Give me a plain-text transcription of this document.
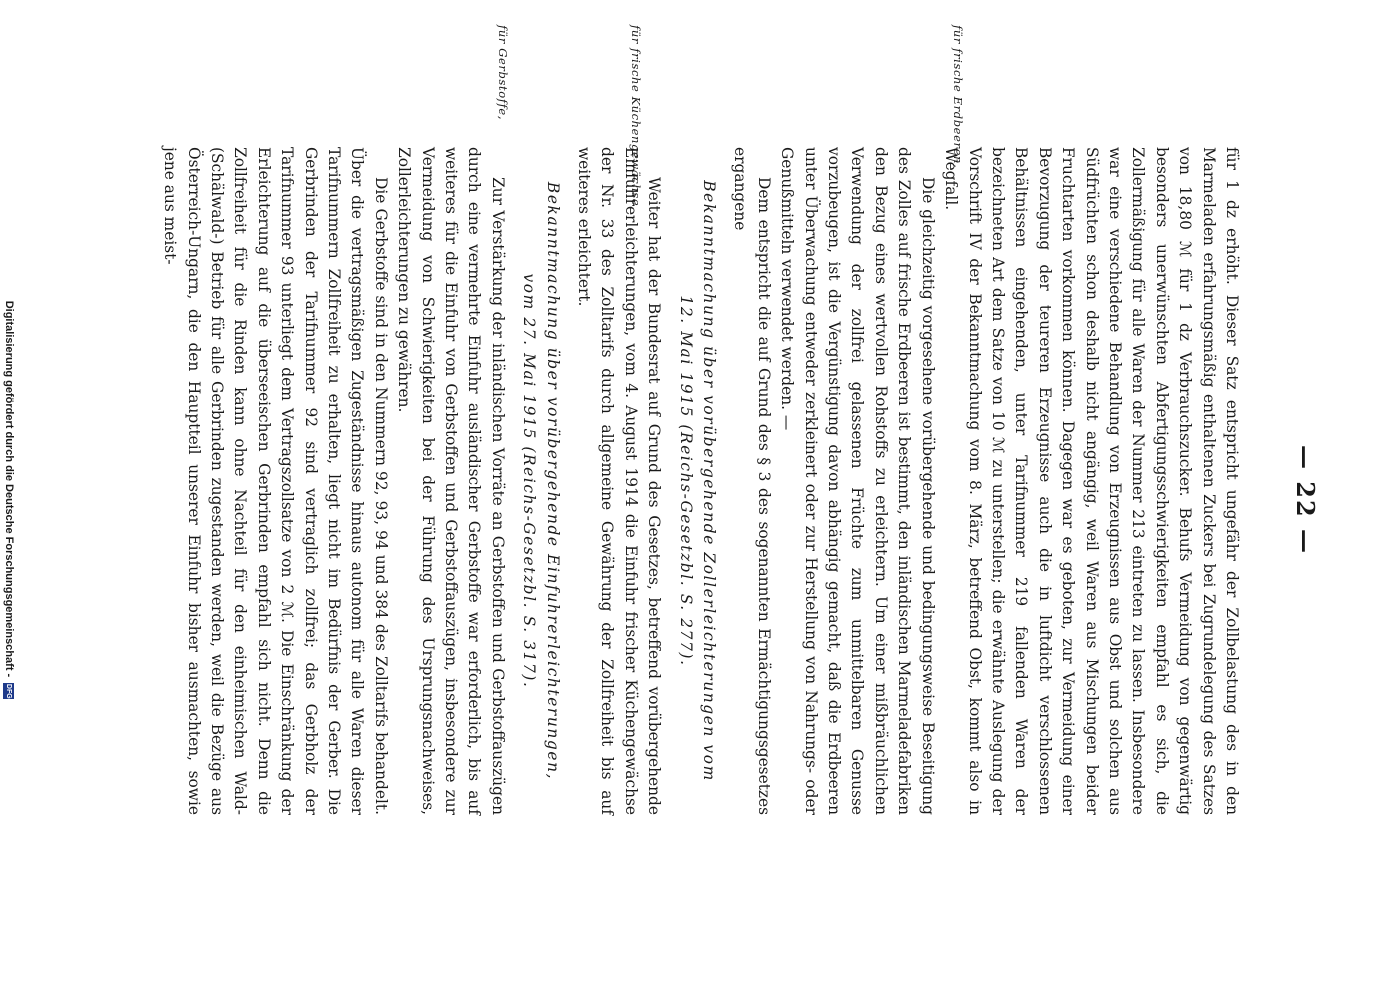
— 22 —

für 1 dz erhöht. Dieser Satz entspricht ungefähr der Zollbelastung des in den Marmeladen erfahrungsmäßig enthaltenen Zuckers bei Zugrundelegung des Satzes von 18,80 ℳ für 1 dz Verbrauchszucker. Behufs Vermeidung von gegenwärtig besonders unerwünschten Abfertigungsschwierigkeiten empfahl es sich, die Zollermäßigung für alle Waren der Nummer 213 eintreten zu lassen. Insbesondere war eine verschiedene Behandlung von Erzeugnissen aus Obst und solchen aus Südfrüchten schon deshalb nicht angängig, weil Waren aus Mischungen beider Fruchtarten vorkommen können. Dagegen war es geboten, zur Vermeidung einer Bevorzugung der teureren Erzeugnisse auch die in luftdicht verschlossenen Behältnissen eingehenden, unter Tarifnummer 219 fallenden Waren der bezeichneten Art dem Satze von 10 ℳ zu unterstellen; die erwähnte Auslegung der Vorschrift IV der Bekanntmachung vom 8. März, betreffend Obst, kommt also in Wegfall.

Die gleichzeitig vorgesehene vorübergehende und bedingungsweise Beseitigung des Zolles auf frische Erdbeeren ist bestimmt, den inländischen Marmeladefabriken den Bezug eines wertvollen Rohstoffs zu erleichtern. Um einer mißbräuchlichen Verwendung der zollfrei gelassenen Früchte zum unmittelbaren Genusse vorzubeugen, ist die Vergünstigung davon abhängig gemacht, daß die Erdbeeren unter Überwachung entweder zerkleinert oder zur Herstellung von Nahrungs- oder Genußmitteln verwendet werden. —

Dem entspricht die auf Grund des § 3 des sogenannten Ermächtigungsgesetzes ergangene

Bekanntmachung über vorübergehende Zollerleichterungen vom 12. Mai 1915 (Reichs-Gesetzbl. S. 277).

Weiter hat der Bundesrat auf Grund des Gesetzes, betreffend vorübergehende Einfuhrerleichterungen, vom 4. August 1914 die Einfuhr frischer Küchengewächse der Nr. 33 des Zolltarifs durch allgemeine Gewährung der Zollfreiheit bis auf weiteres erleichtert.

Bekanntmachung über vorübergehende Einfuhrerleichterungen, vom 27. Mai 1915 (Reichs-Gesetzbl. S. 317).

Zur Verstärkung der inländischen Vorräte an Gerbstoffen und Gerbstoffauszügen durch eine vermehrte Einfuhr ausländischer Gerbstoffe war erforderlich, bis auf weiteres für die Einfuhr von Gerbstoffen und Gerbstoffauszügen, insbesondere zur Vermeidung von Schwierigkeiten bei der Führung des Ursprungsnachweises, Zollerleichterungen zu gewähren.

Die Gerbstoffe sind in den Nummern 92, 93, 94 und 384 des Zolltarifs behandelt. Über die vertragsmäßigen Zugeständnisse hinaus autonom für alle Waren dieser Tarifnummern Zollfreiheit zu erhalten, liegt nicht im Bedürfnis der Gerber. Die Gerbrinden der Tarifnummer 92 sind vertraglich zollfrei; das Gerbholz der Tarifnummer 93 unterliegt dem Vertragszollsatze von 2 ℳ. Die Einschränkung der Erleichterung auf die überseeischen Gerbrinden empfahl sich nicht. Denn die Zollfreiheit für die Rinden kann ohne Nachteil für den einheimischen Wald- (Schälwald-) Betrieb für alle Gerbrinden zugestanden werden, weil die Bezüge aus Österreich-Ungarn, die den Hauptteil unserer Einfuhr bisher ausmachten, sowie jene aus meist-

für frische Erdbeeren,
für frische Küchengewächse,
für Gerbstoffe,
Digitalisierung gefördert durch die Deutsche Forschungsgemeinschaft - DFG
